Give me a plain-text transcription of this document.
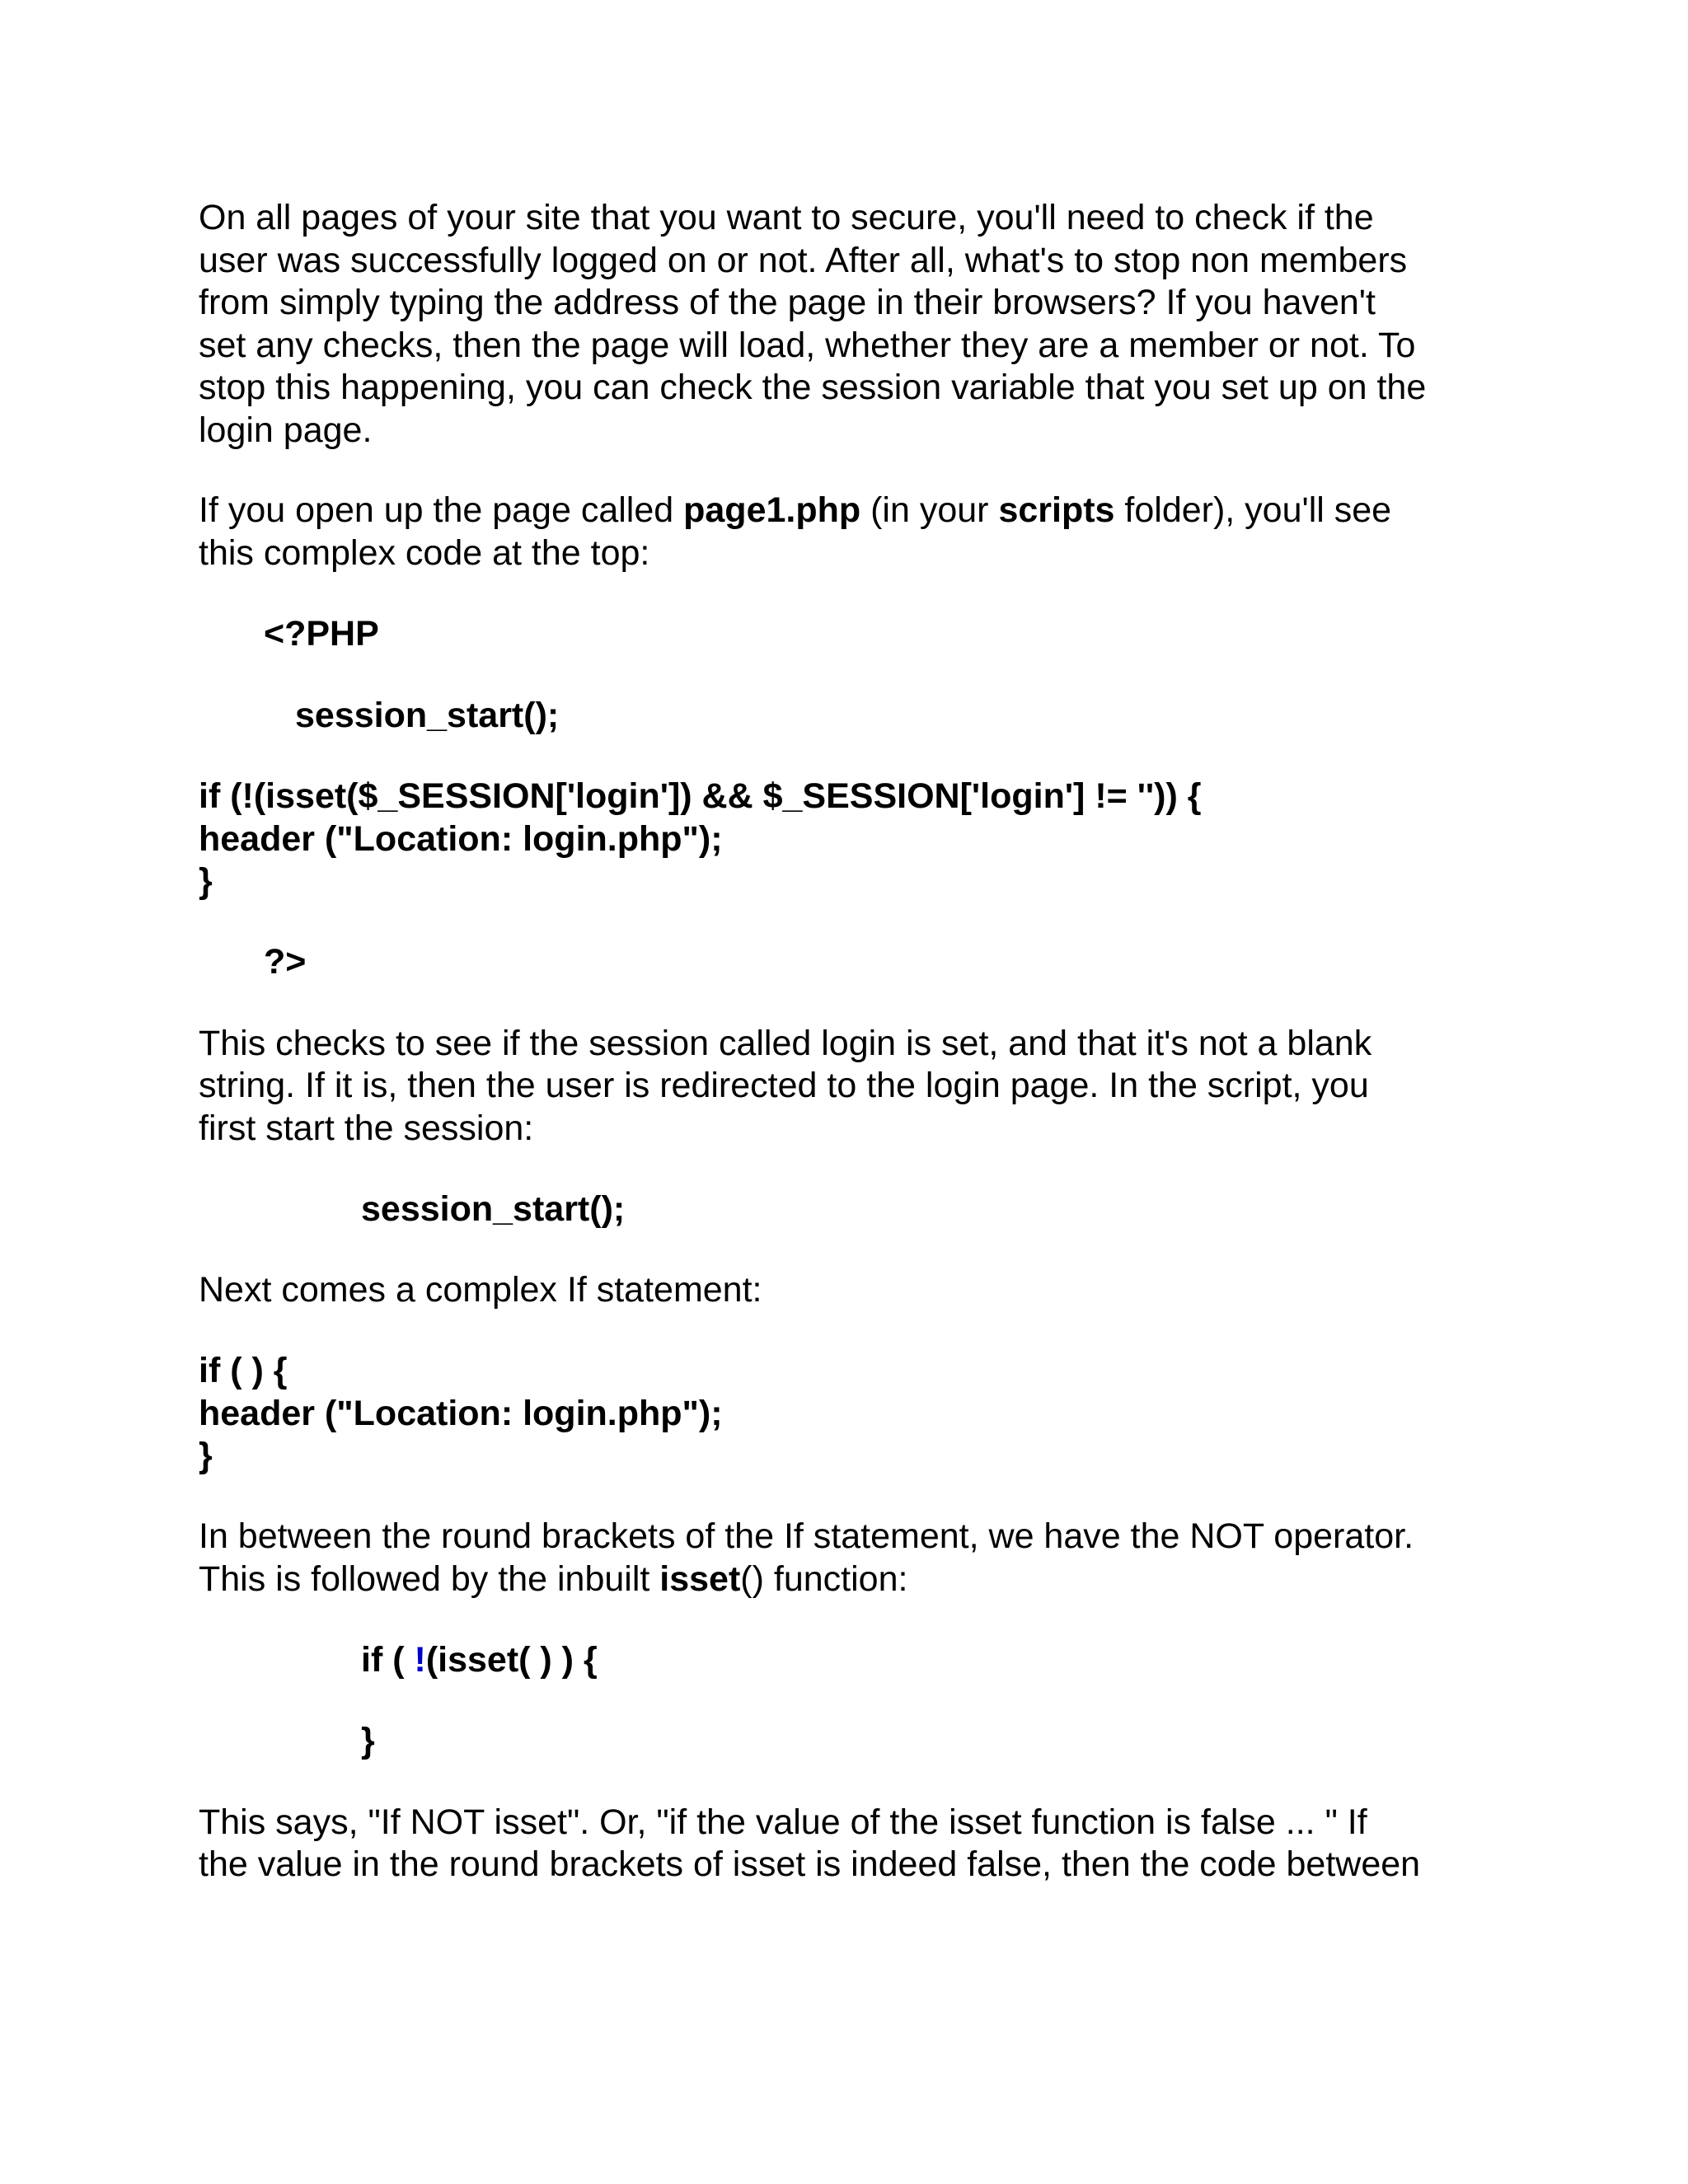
On all pages of your site that you want to secure, you'll need to check if the

user was successfully logged on or not. After all, what's to stop non members

from simply typing the address of the page in their browsers? If you haven't

set any checks, then the page will load, whether they are a member or not. To

stop this happening, you can check the session variable that you set up on the

login page.

If you open up the page called page1.php (in your scripts folder), you'll see

this complex code at the top:

<?PHP

session_start();

if (!(isset($_SESSION['login']) && $_SESSION['login'] != '')) {

header ("Location: login.php");

}

?>

This checks to see if the session called login is set, and that it's not a blank

string. If it is, then the user is redirected to the login page. In the script, you

first start the session:

session_start();

Next comes a complex If statement:

if ( ) {

header ("Location: login.php");

}

In between the round brackets of the If statement, we have the NOT operator.

This is followed by the inbuilt isset() function:

if ( !(isset( ) ) {

}

This says, "If NOT isset". Or, "if the value of the isset function is false ... " If

the value in the round brackets of isset is indeed false, then the code between
